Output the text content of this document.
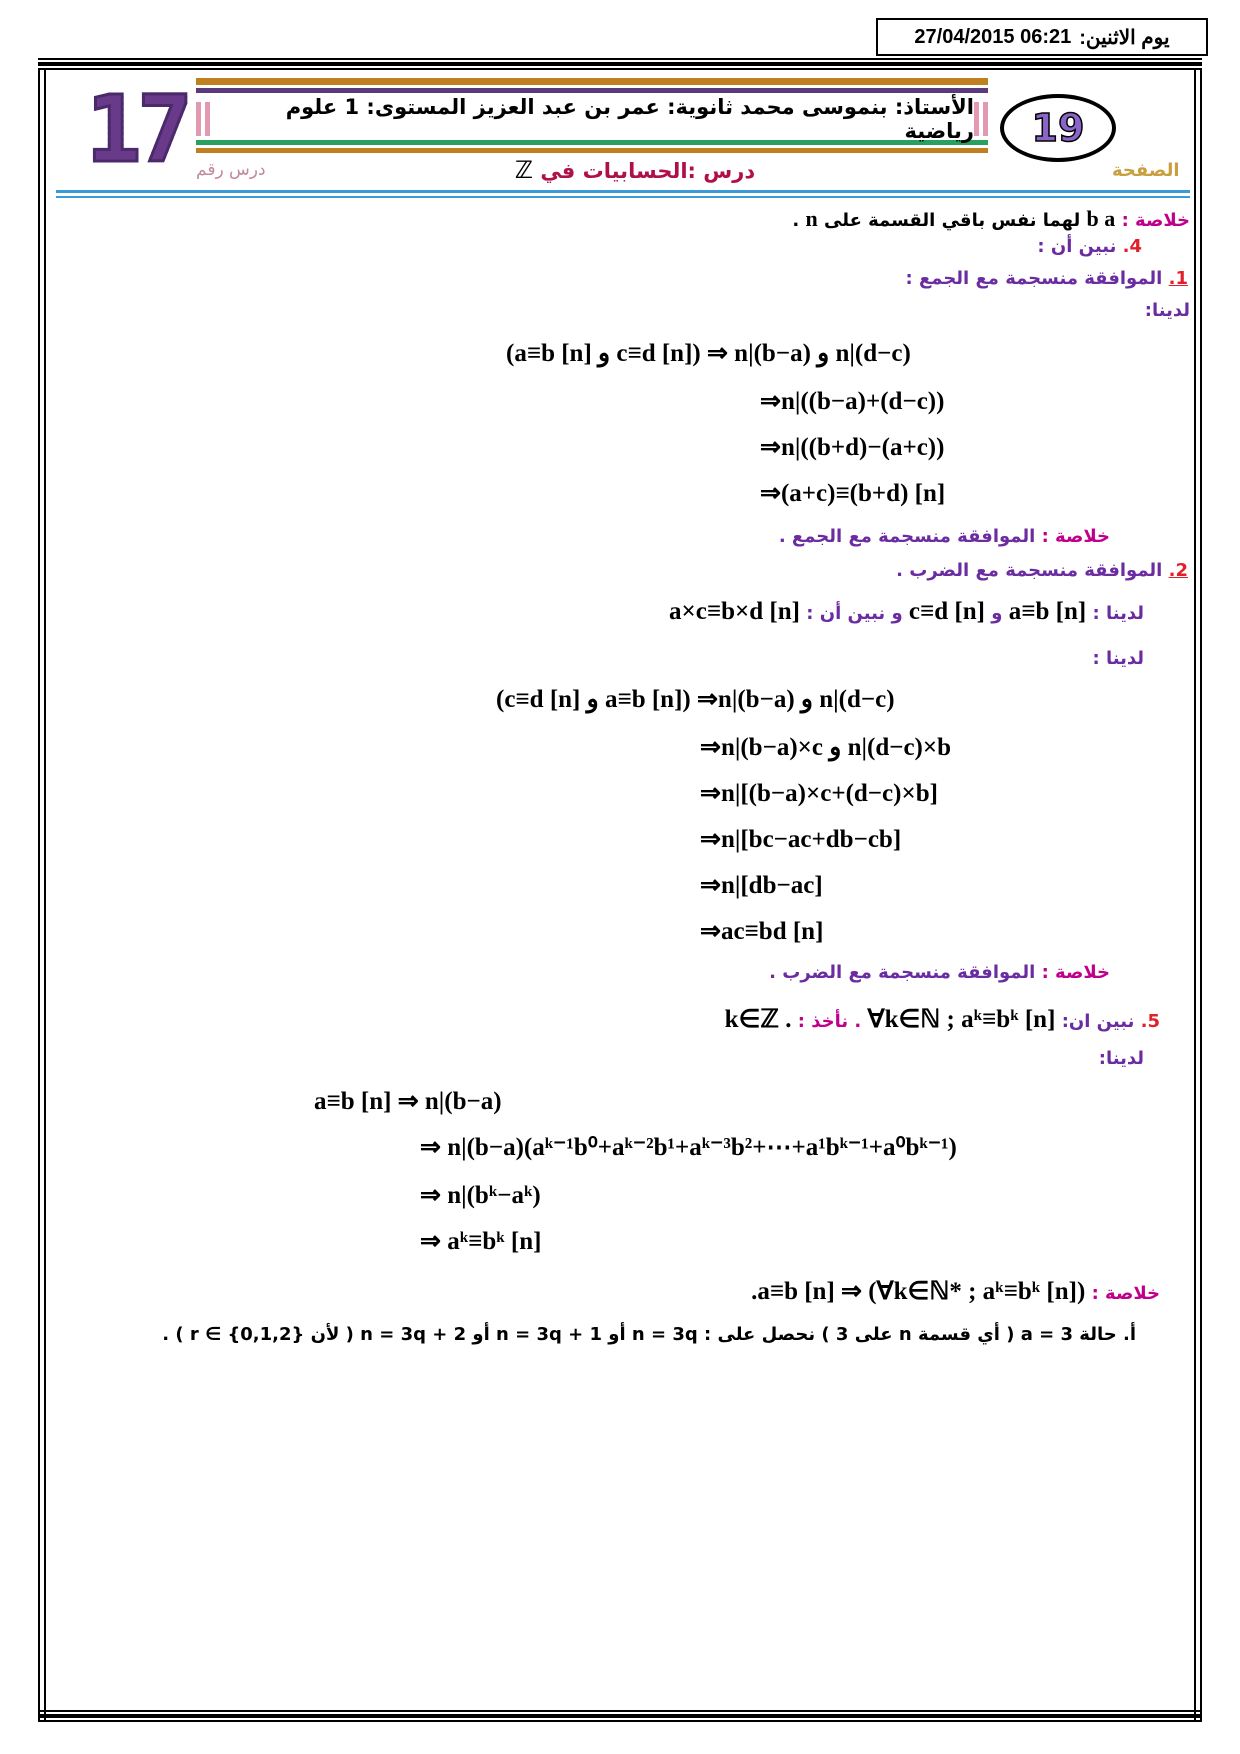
27/04/2015 06:21 يوم الاثنين:
17	الأستاذ: بنموسى محمد ثانوية: عمر بن عبد العزيز المستوى: 1 علوم رياضية 19
الصفحة
درس رقم	درس :الحسابيات في ℤ
خلاصة : b a لهما نفس باقي القسمة على n .
4. نبين أن :
1. الموافقة منسجمة مع الجمع :
لدينا:
(a≡b [n] و c≡d [n]) ⇒ n|(b−a) و n|(d−c)
⇒n|((b−a)+(d−c))
⇒n|((b+d)−(a+c))
⇒(a+c)≡(b+d) [n]
خلاصة : الموافقة منسجمة مع الجمع .
2. الموافقة منسجمة مع الضرب .
لدينا : a≡b [n] و c≡d [n] و نبين أن : a×c≡b×d [n]
لدينا :
(c≡d [n] و a≡b [n]) ⇒n|(b−a) و n|(d−c)
⇒n|(b−a)×c و n|(d−c)×b
⇒n|[(b−a)×c+(d−c)×b]
⇒n|[bc−ac+db−cb]
⇒n|[db−ac]
⇒ac≡bd [n]
خلاصة : الموافقة منسجمة مع الضرب .
5. نبين ان: ∀k∈ℕ ; aᵏ≡bᵏ [n] . نأخذ : k∈ℤ .
لدينا:
a≡b [n] ⇒ n|(b−a)
⇒ n|(b−a)(aᵏ⁻¹b⁰+aᵏ⁻²b¹+aᵏ⁻³b²+⋯+a¹bᵏ⁻¹+a⁰bᵏ⁻¹)
⇒ n|(bᵏ−aᵏ)
⇒ aᵏ≡bᵏ [n]
خلاصة : .a≡b [n] ⇒ (∀k∈ℕ* ; aᵏ≡bᵏ [n])
أ. حالة a = 3 ( أي قسمة n على 3 ) نحصل على : n = 3q أو n = 3q + 1 أو n = 3q + 2 ( لأن r ∈ {0,1,2} ) .
